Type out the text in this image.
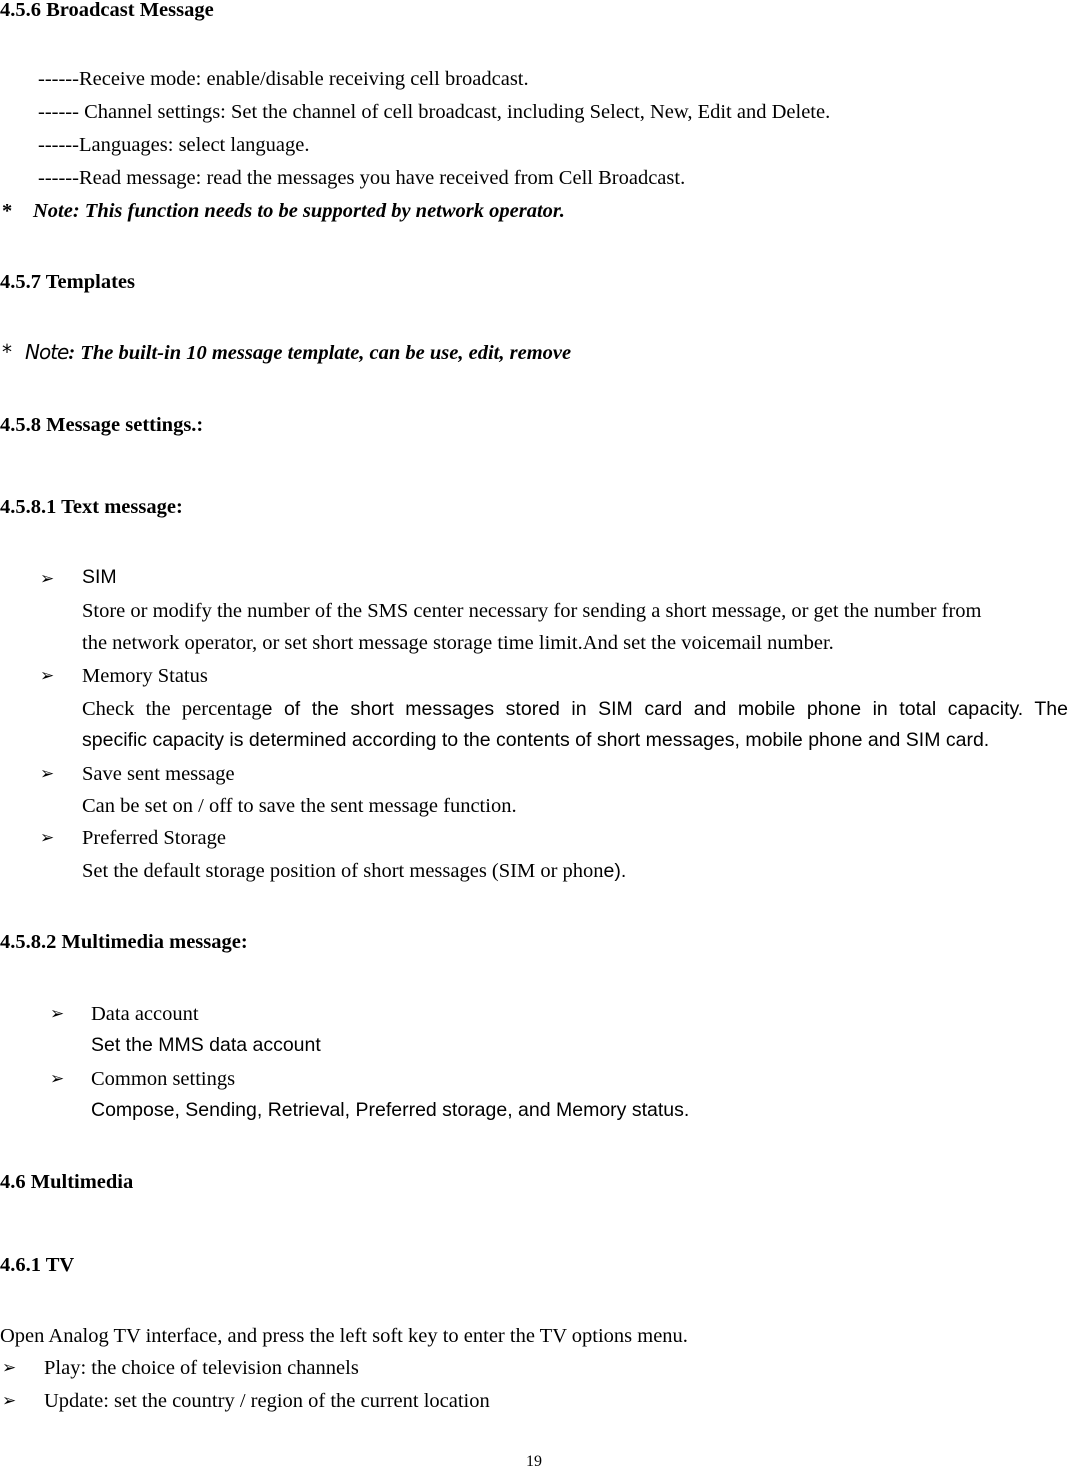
4.5.6 Broadcast Message
------Receive mode: enable/disable receiving cell broadcast.
------ Channel settings: Set the channel of cell broadcast, including Select, New, Edit and Delete.
------Languages: select language.
------Read message: read the messages you have received from Cell Broadcast.
* Note: This function needs to be supported by network operator.
4.5.7 Templates
* Note: The built-in 10 message template, can be use, edit, remove
4.5.8 Message settings.:
4.5.8.1 Text message:
➢ SIM
Store or modify the number of the SMS center necessary for sending a short message, or get the number from
the network operator, or set short message storage time limit.And set the voicemail number.
➢ Memory Status
Check the percentage of the short messages stored in SIM card and mobile phone in total capacity. The
specific capacity is determined according to the contents of short messages, mobile phone and SIM card.
➢ Save sent message
Can be set on / off to save the sent message function.
➢ Preferred Storage
Set the default storage position of short messages (SIM or phone).
4.5.8.2 Multimedia message:
➢ Data account
Set the MMS data account
➢ Common settings
Compose, Sending, Retrieval, Preferred storage, and Memory status.
4.6 Multimedia
4.6.1 TV
Open Analog TV interface, and press the left soft key to enter the TV options menu.
➢ Play: the choice of television channels
➢ Update: set the country / region of the current location
19
